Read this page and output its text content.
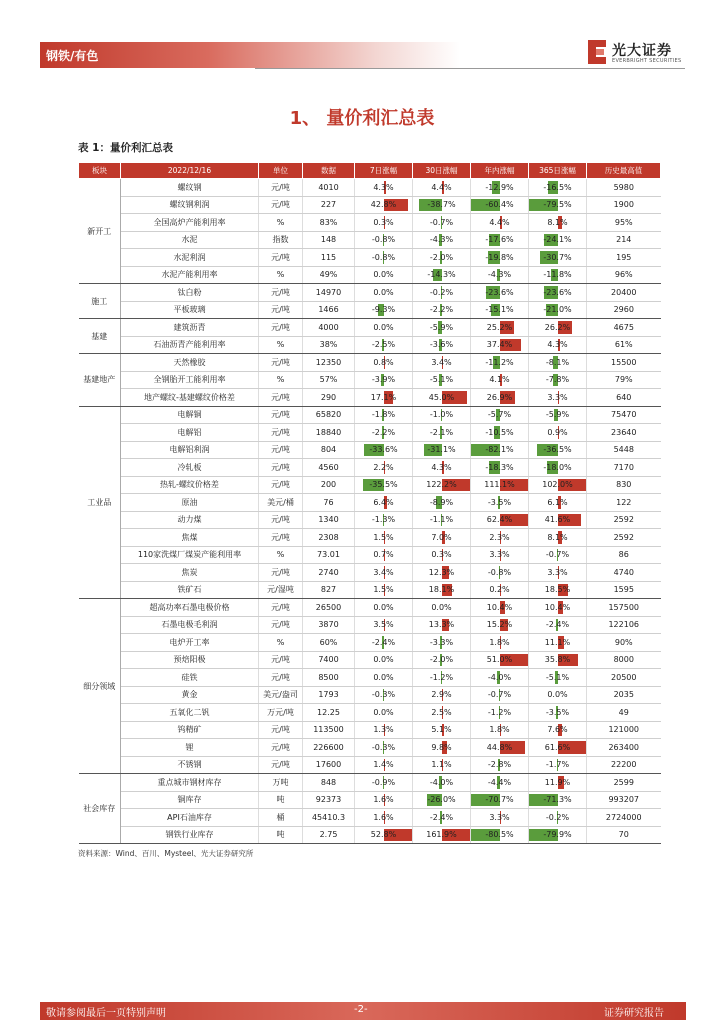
钢铁/有色	光大证券
EVERBRIGHT SECURITIES
1、 量价利汇总表
表 1：量价利汇总表
板块	2022/12/16	单位	数据	7日涨幅	30日涨幅	年内涨幅	365日涨幅	历史最高值
新开工	螺纹钢	元/吨	4010	4.3%	4.4%	-12.9%	-16.5%	5980
	螺纹钢利润	元/吨	227	42.8%	-38.7%	-60.4%	-79.5%	1900
	全国高炉产能利用率	%	83%	0.3%	-0.7%	4.4%	8.1%	95%
	水泥	指数	148	-0.8%	-4.3%	-17.6%	-24.1%	214
	水泥利润	元/吨	115	-0.8%	-2.0%	-19.8%	-30.7%	195
	水泥产能利用率	%	49%	0.0%	-14.3%	-4.3%	-11.8%	96%
施工	钛白粉	元/吨	14970	0.0%	-0.2%	-23.6%	-23.6%	20400
	平板玻璃	元/吨	1466	-9.3%	-2.2%	-15.1%	-21.0%	2960
基建	建筑沥青	元/吨	4000	0.0%	-5.9%	25.2%	26.2%	4675
	石油沥青产能利用率	%	38%	-2.5%	-3.6%	37.4%	4.3%	61%
基建地产	天然橡胶	元/吨	12350	0.8%	3.4%	-11.2%	-8.1%	15500
	全钢胎开工能利用率	%	57%	-3.9%	-5.1%	4.1%	-7.8%	79%
	地产螺纹-基建螺纹价格差	元/吨	290	17.1%	45.0%	26.9%	3.3%	640
工业品	电解铜	元/吨	65820	-1.8%	-1.0%	-5.7%	-5.9%	75470
	电解铝	元/吨	18840	-2.2%	-2.1%	-10.5%	0.9%	23640
	电解铝利润	元/吨	804	-33.6%	-31.1%	-82.1%	-36.5%	5448
	冷轧板	元/吨	4560	2.2%	4.3%	-18.3%	-18.0%	7170
	热轧-螺纹价格差	元/吨	200	-35.5%	122.2%	111.1%	102.0%	830
	原油	美元/桶	76	6.4%	-8.9%	-3.5%	6.1%	122
	动力煤	元/吨	1340	-1.3%	-1.1%	62.4%	41.6%	2592
	焦煤	元/吨	2308	1.5%	7.0%	2.3%	8.1%	2592
	110家洗煤厂煤炭产能利用率	%	73.01	0.7%	0.3%	3.3%	-0.7%	86
	焦炭	元/吨	2740	3.4%	12.3%	-0.8%	3.3%	4740
	铁矿石	元/湿吨	827	1.5%	18.1%	0.2%	18.5%	1595
细分领域	超高功率石墨电极价格	元/吨	26500	0.0%	0.0%	10.4%	10.4%	157500
	石墨电极毛利润	元/吨	3870	3.5%	13.3%	15.2%	-2.4%	122106
	电炉开工率	%	60%	-2.4%	-3.3%	1.8%	11.1%	90%
	预焙阳极	元/吨	7400	0.0%	-2.0%	51.0%	35.8%	8000
	硅铁	元/吨	8500	0.0%	-1.2%	-4.0%	-5.1%	20500
	黄金	美元/盎司	1793	-0.3%	2.9%	-0.7%	0.0%	2035
	五氧化二钒	万元/吨	12.25	0.0%	2.5%	-1.2%	-3.5%	49
	钨精矿	元/吨	113500	1.3%	5.1%	1.8%	7.6%	121000
	锂	元/吨	226600	-0.3%	9.8%	44.8%	61.6%	263400
	不锈钢	元/吨	17600	1.4%	1.1%	-2.8%	-1.7%	22200
社会库存	重点城市钢材库存	万吨	848	-0.9%	-4.0%	-4.4%	11.9%	2599
	铜库存	吨	92373	1.6%	-26.0%	-70.7%	-71.3%	993207
	API石油库存	桶	45410.3	1.6%	-2.4%	3.3%	-0.2%	2724000
	钢铁行业库存	吨	2.75	52.8%	161.9%	-80.5%	-79.9%	70
资料来源：Wind、百川、Mysteel、光大证券研究所
敬请参阅最后一页特别声明	-2-	证券研究报告
